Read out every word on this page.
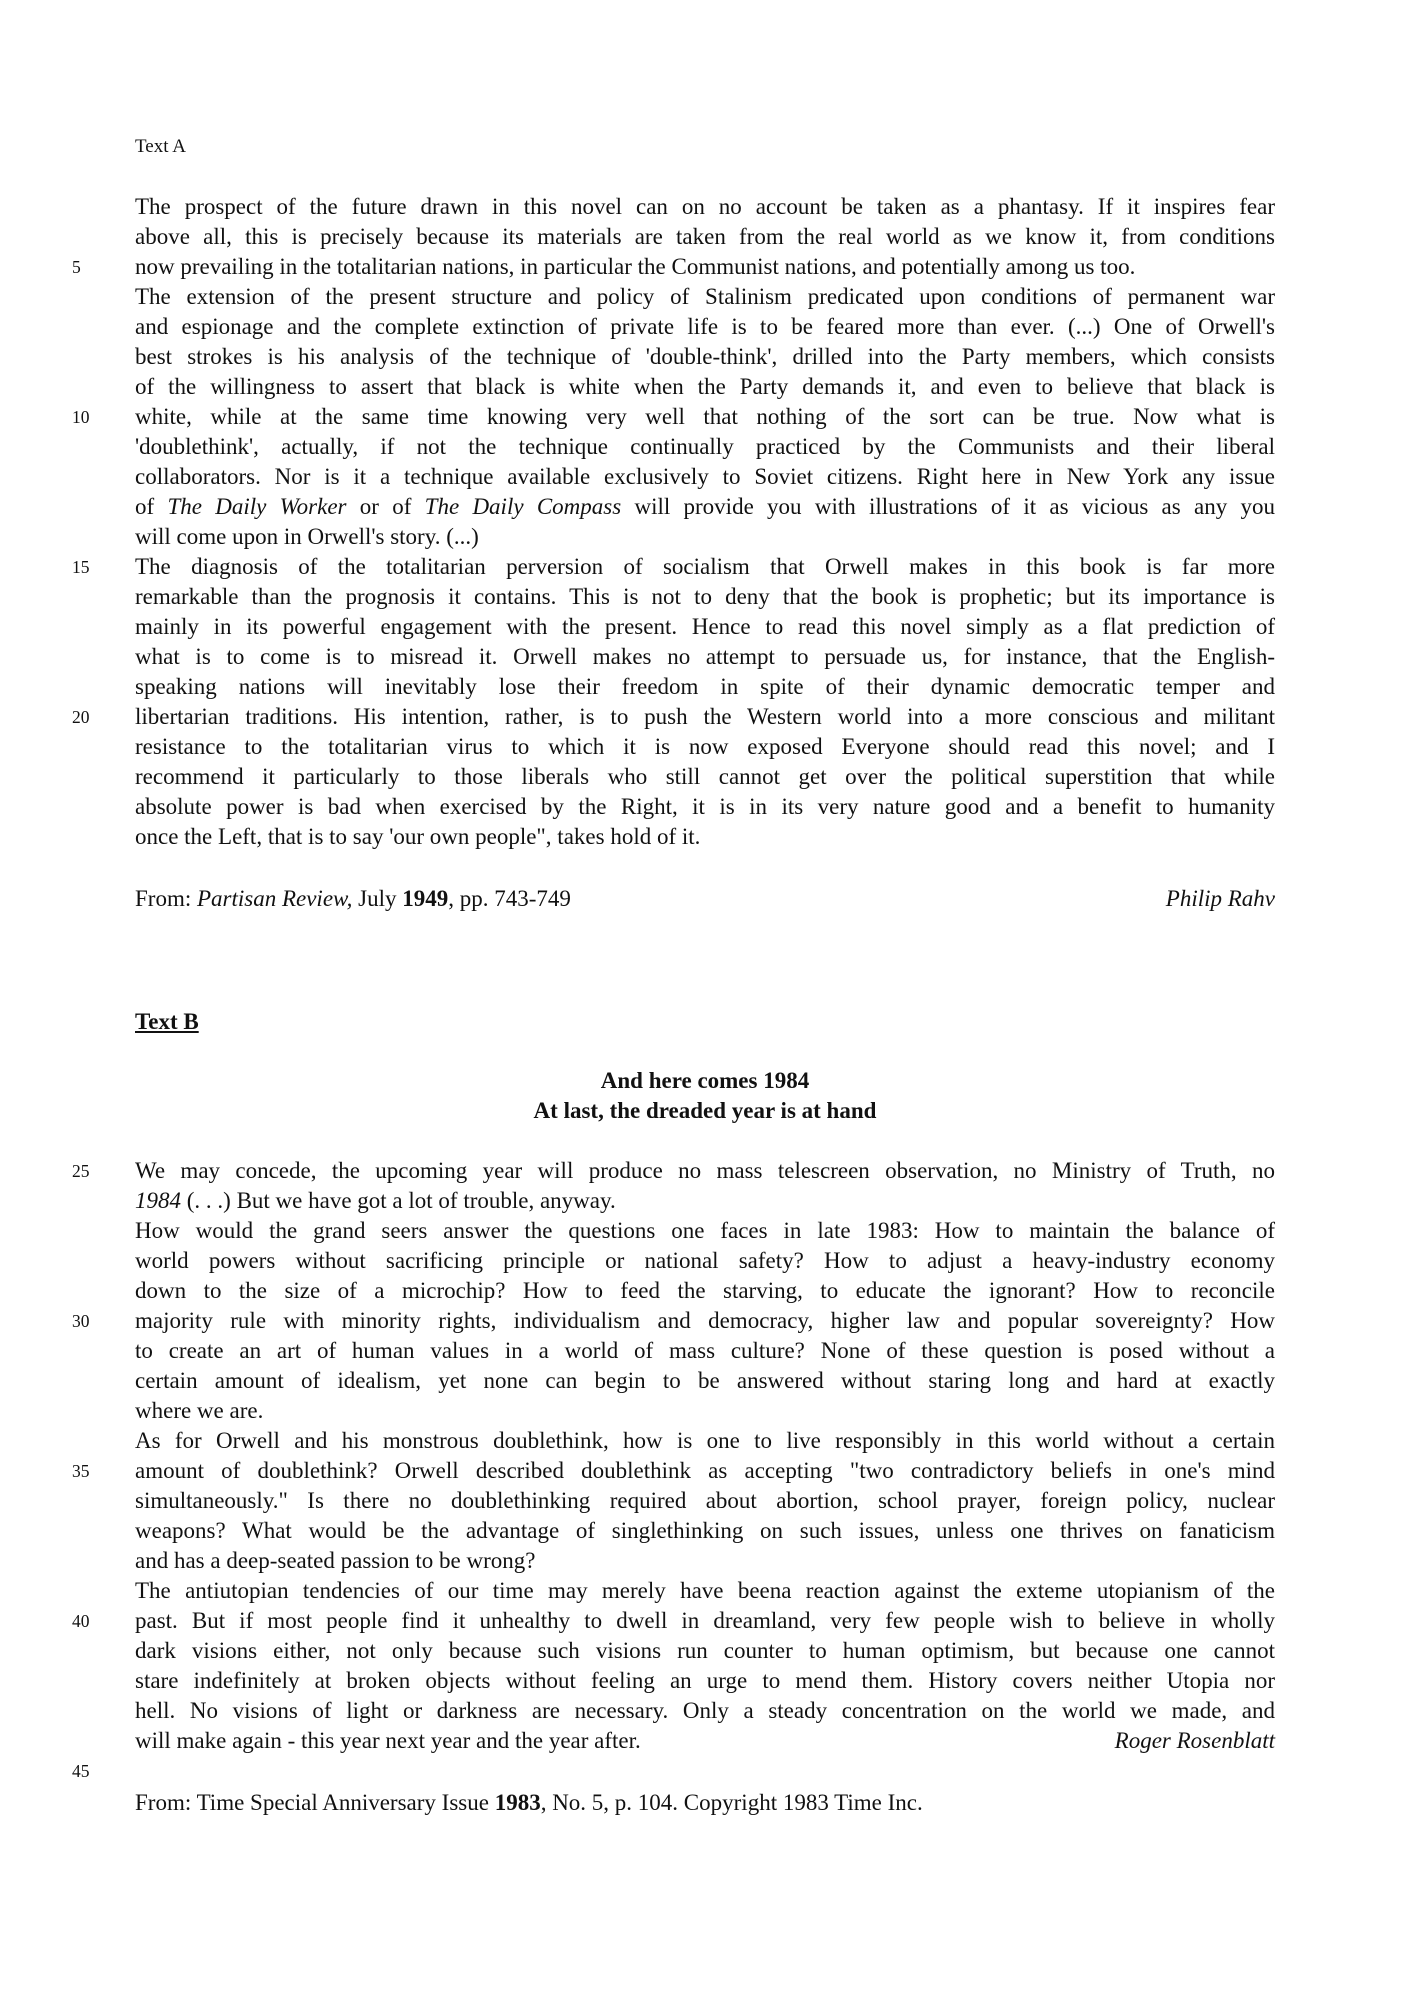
Text A
The prospect of the future drawn in this novel can on no account be taken as a phantasy. If it inspires fear
above all, this is precisely because its materials are taken from the real world as we know it, from conditions
now prevailing in the totalitarian nations, in particular the Communist nations, and potentially among us too.
The extension of the present structure and policy of Stalinism predicated upon conditions of permanent war
and espionage and the complete extinction of private life is to be feared more than ever. (...) One of Orwell's
best strokes is his analysis of the technique of 'double-think', drilled into the Party members, which consists
of the willingness to assert that black is white when the Party demands it, and even to believe that black is
white, while at the same time knowing very well that nothing of the sort can be true. Now what is
'doublethink', actually, if not the technique continually practiced by the Communists and their liberal
collaborators. Nor is it a technique available exclusively to Soviet citizens. Right here in New York any issue
of The Daily Worker or of The Daily Compass will provide you with illustrations of it as vicious as any you
will come upon in Orwell's story. (...)
The diagnosis of the totalitarian perversion of socialism that Orwell makes in this book is far more
remarkable than the prognosis it contains. This is not to deny that the book is prophetic; but its importance is
mainly in its powerful engagement with the present. Hence to read this novel simply as a flat prediction of
what is to come is to misread it. Orwell makes no attempt to persuade us, for instance, that the English-
speaking nations will inevitably lose their freedom in spite of their dynamic democratic temper and
libertarian traditions. His intention, rather, is to push the Western world into a more conscious and militant
resistance to the totalitarian virus to which it is now exposed Everyone should read this novel; and I
recommend it particularly to those liberals who still cannot get over the political superstition that while
absolute power is bad when exercised by the Right, it is in its very nature good and a benefit to humanity
once the Left, that is to say 'our own people", takes hold of it.
5
10
15
20
From: Partisan Review, July 1949, pp. 743-749	Philip Rahv
Text B
And here comes 1984
At last, the dreaded year is at hand
We may concede, the upcoming year will produce no mass telescreen observation, no Ministry of Truth, no
1984 (. . .) But we have got a lot of trouble, anyway.
How would the grand seers answer the questions one faces in late 1983: How to maintain the balance of
world powers without sacrificing principle or national safety? How to adjust a heavy-industry economy
down to the size of a microchip? How to feed the starving, to educate the ignorant? How to reconcile
majority rule with minority rights, individualism and democracy, higher law and popular sovereignty? How
to create an art of human values in a world of mass culture? None of these question is posed without a
certain amount of idealism, yet none can begin to be answered without staring long and hard at exactly
where we are.
As for Orwell and his monstrous doublethink, how is one to live responsibly in this world without a certain
amount of doublethink? Orwell described doublethink as accepting "two contradictory beliefs in one's mind
simultaneously." Is there no doublethinking required about abortion, school prayer, foreign policy, nuclear
weapons? What would be the advantage of singlethinking on such issues, unless one thrives on fanaticism
and has a deep-seated passion to be wrong?
The antiutopian tendencies of our time may merely have beena reaction against the exteme utopianism of the
past. But if most people find it unhealthy to dwell in dreamland, very few people wish to believe in wholly
dark visions either, not only because such visions run counter to human optimism, but because one cannot
stare indefinitely at broken objects without feeling an urge to mend them. History covers neither Utopia nor
hell. No visions of light or darkness are necessary. Only a steady concentration on the world we made, and
will make again - this year next year and the year after.	Roger Rosenblatt
25
30
35
40
45
From: Time Special Anniversary Issue 1983, No. 5, p. 104. Copyright 1983 Time Inc.
